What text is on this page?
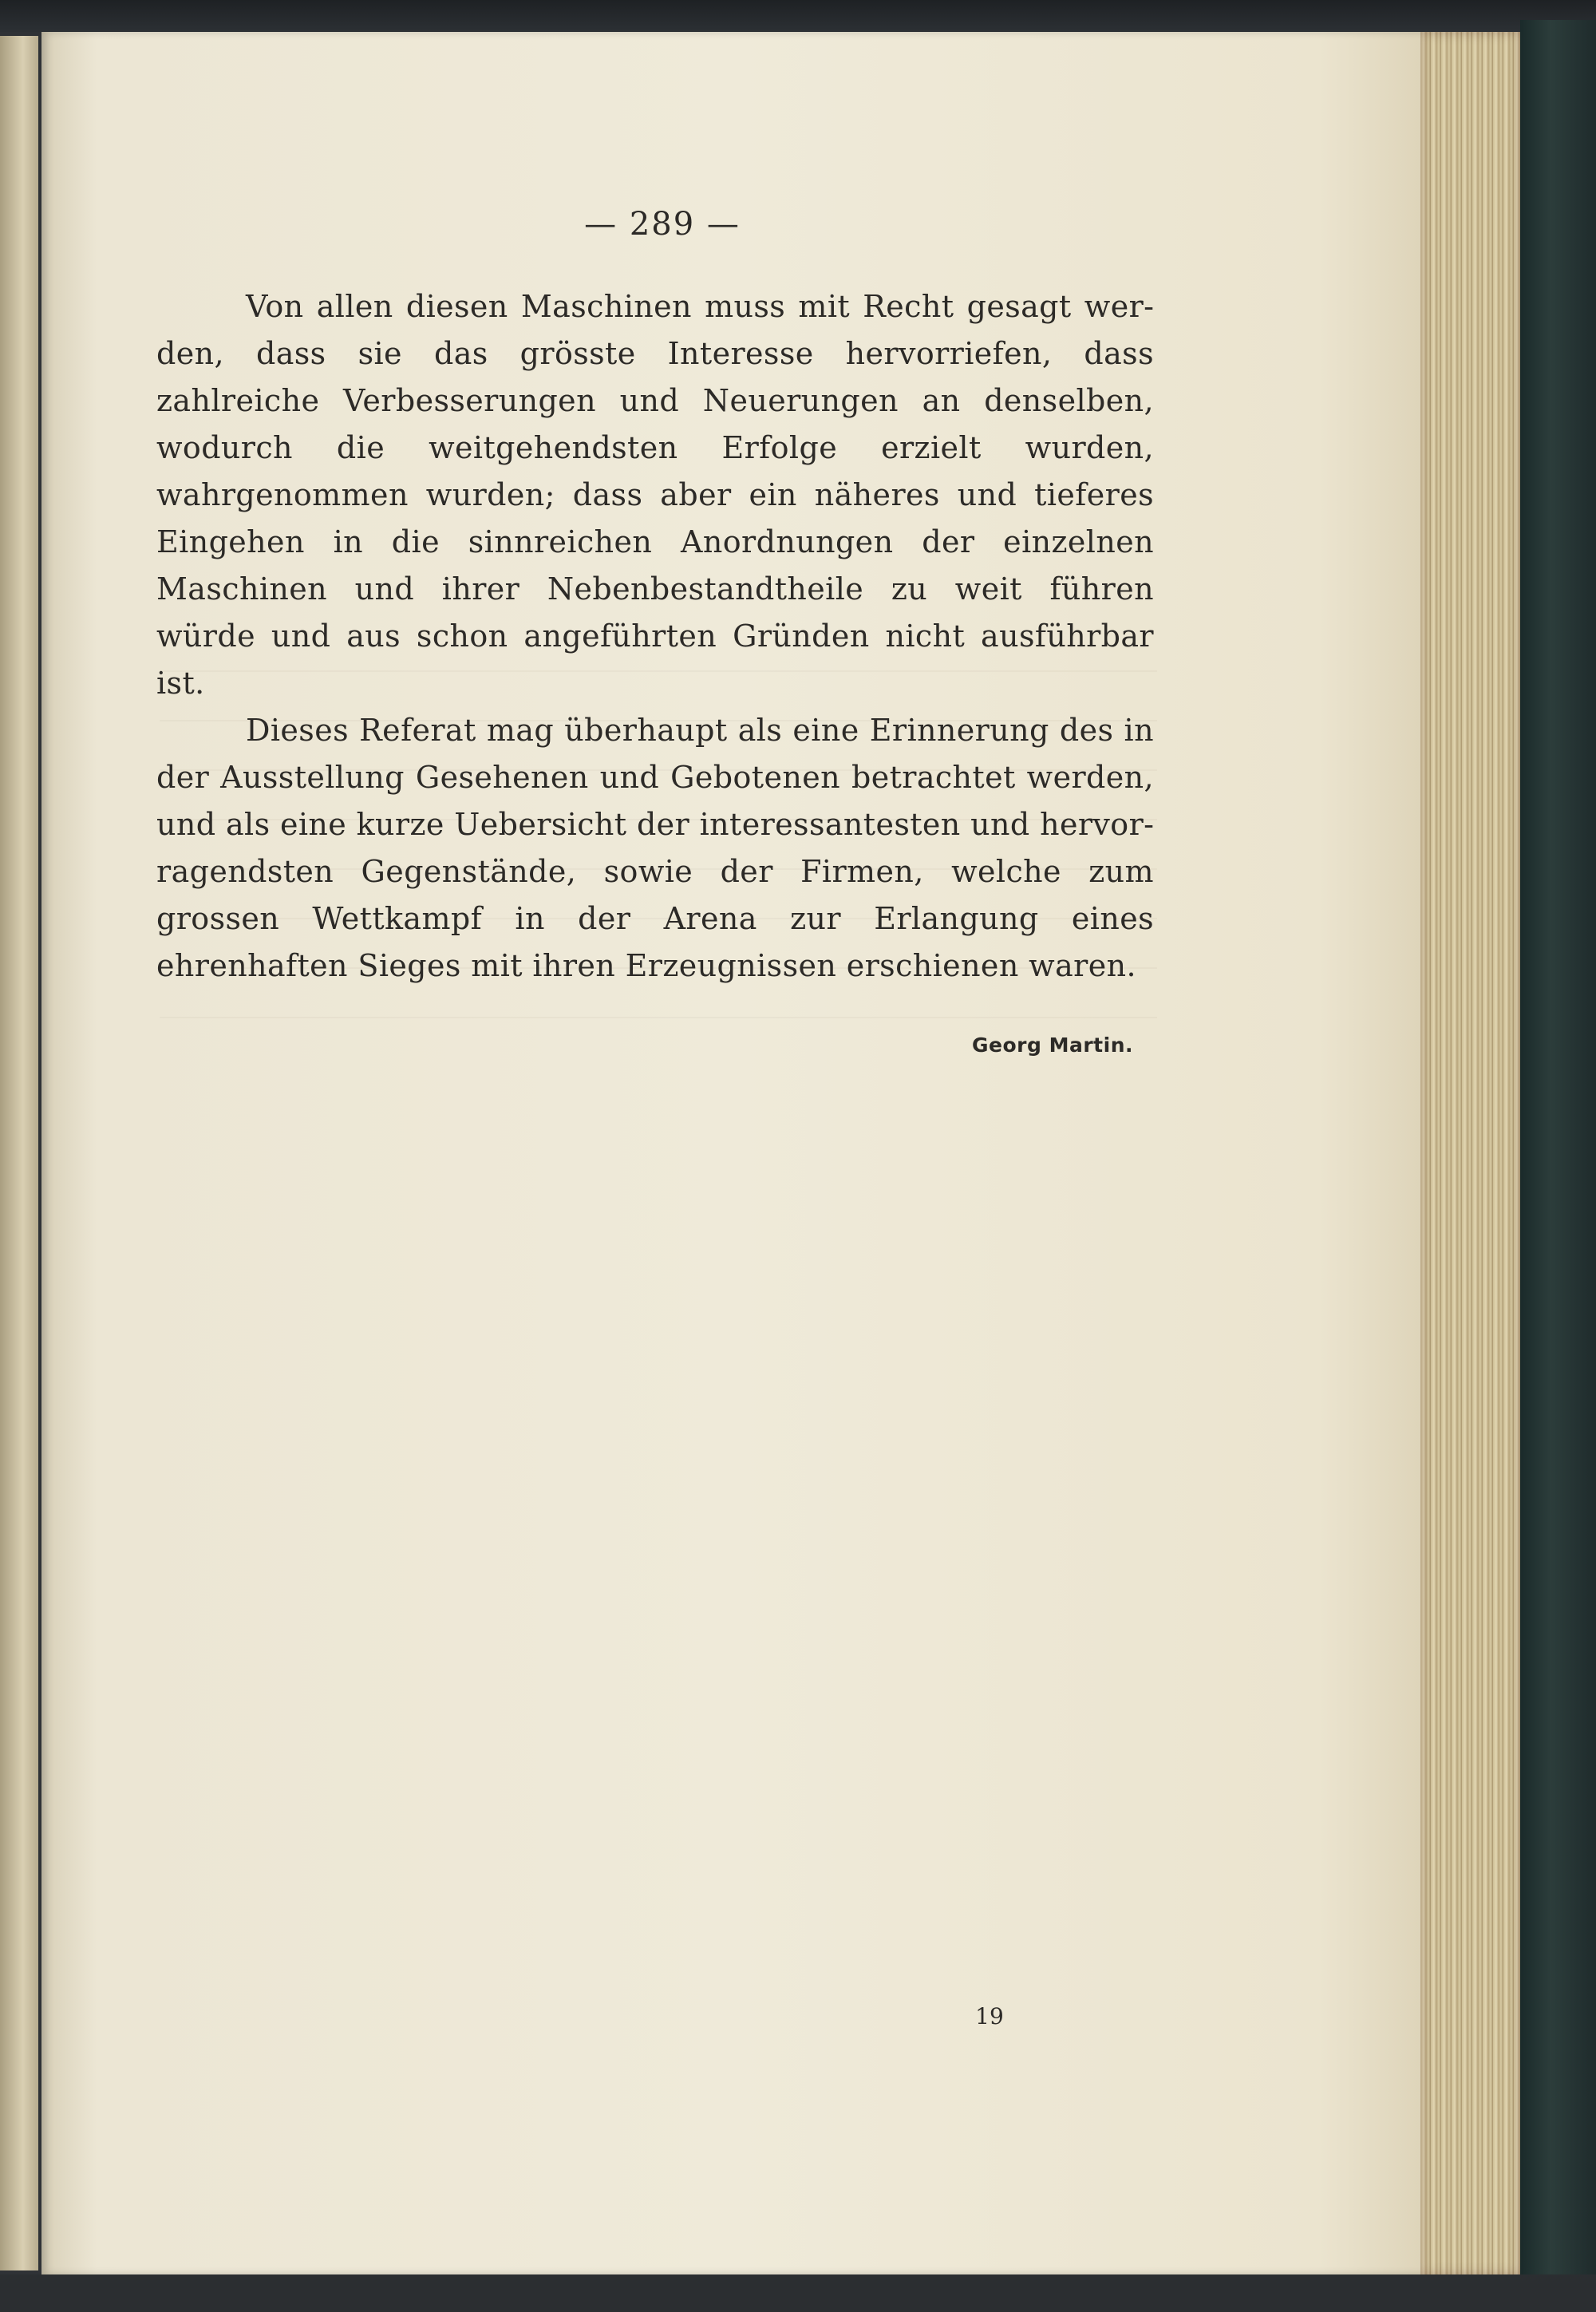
— 289 —

Von allen diesen Maschinen muss mit Recht gesagt werden, dass sie das grösste Interesse hervorriefen, dass zahlreiche Verbesserungen und Neuerungen an denselben, wodurch die weitgehendsten Erfolge erzielt wurden, wahrgenommen wurden; dass aber ein näheres und tieferes Eingehen in die sinnreichen Anordnungen der einzelnen Maschinen und ihrer Nebenbestandtheile zu weit führen würde und aus schon angeführten Gründen nicht ausführbar ist.

Dieses Referat mag überhaupt als eine Erinnerung des in der Ausstellung Gesehenen und Gebotenen betrachtet werden, und als eine kurze Uebersicht der interessantesten und hervorragendsten Gegenstände, sowie der Firmen, welche zum grossen Wettkampf in der Arena zur Erlangung eines ehrenhaften Sieges mit ihren Erzeugnissen erschienen waren.

Georg Martin.
19
